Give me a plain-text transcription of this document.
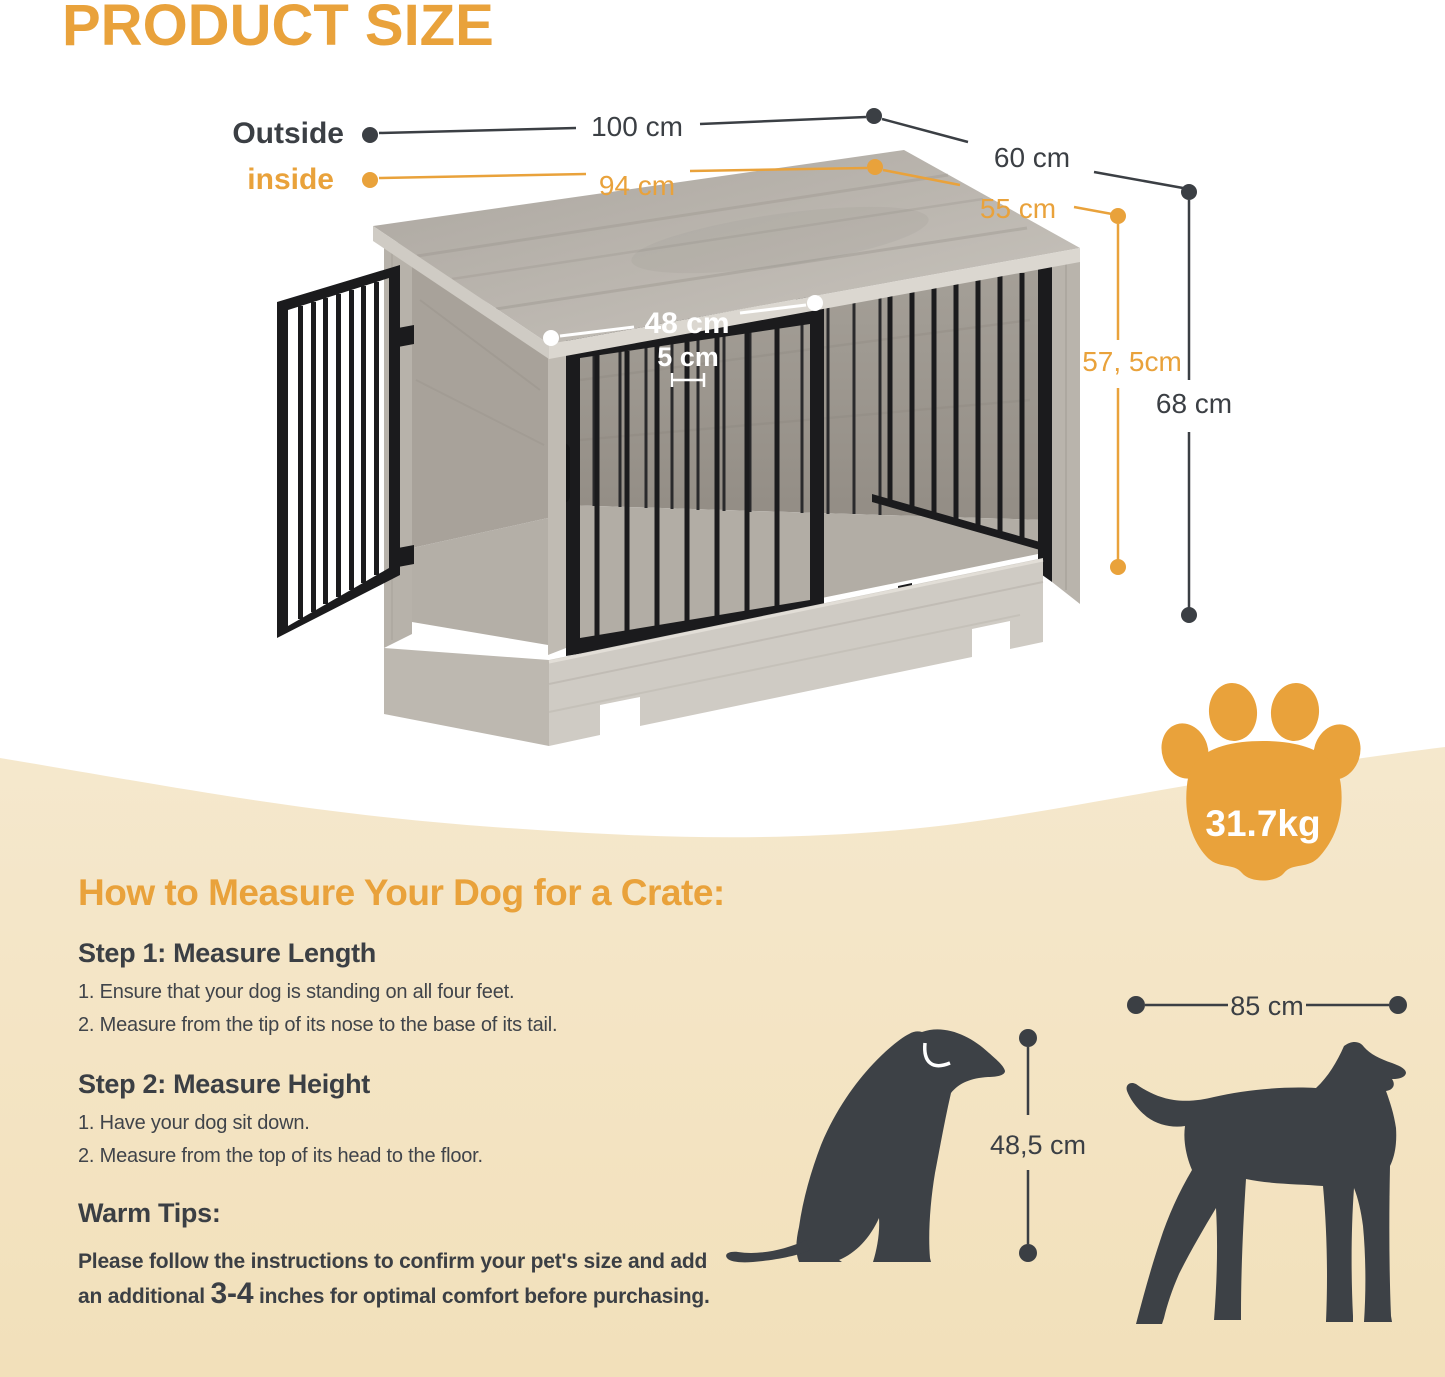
PRODUCT SIZE
48 cm
5 cm
Outside	100 cm
60 cm
68 cm
inside	94 cm
55 cm
57, 5cm
31.7kg
48,5 cm
85 cm
How to Measure Your Dog for a Crate:
Step 1: Measure Length

1. Ensure that your dog is standing on all four feet.

2. Measure from the tip of its nose to the base of its tail.

Step 2: Measure Height

1. Have your dog sit down.

2. Measure from the top of its head to the floor.

Warm Tips:

Please follow the instructions to confirm your pet's size and add

an additional 3-4 inches for optimal comfort before purchasing.
